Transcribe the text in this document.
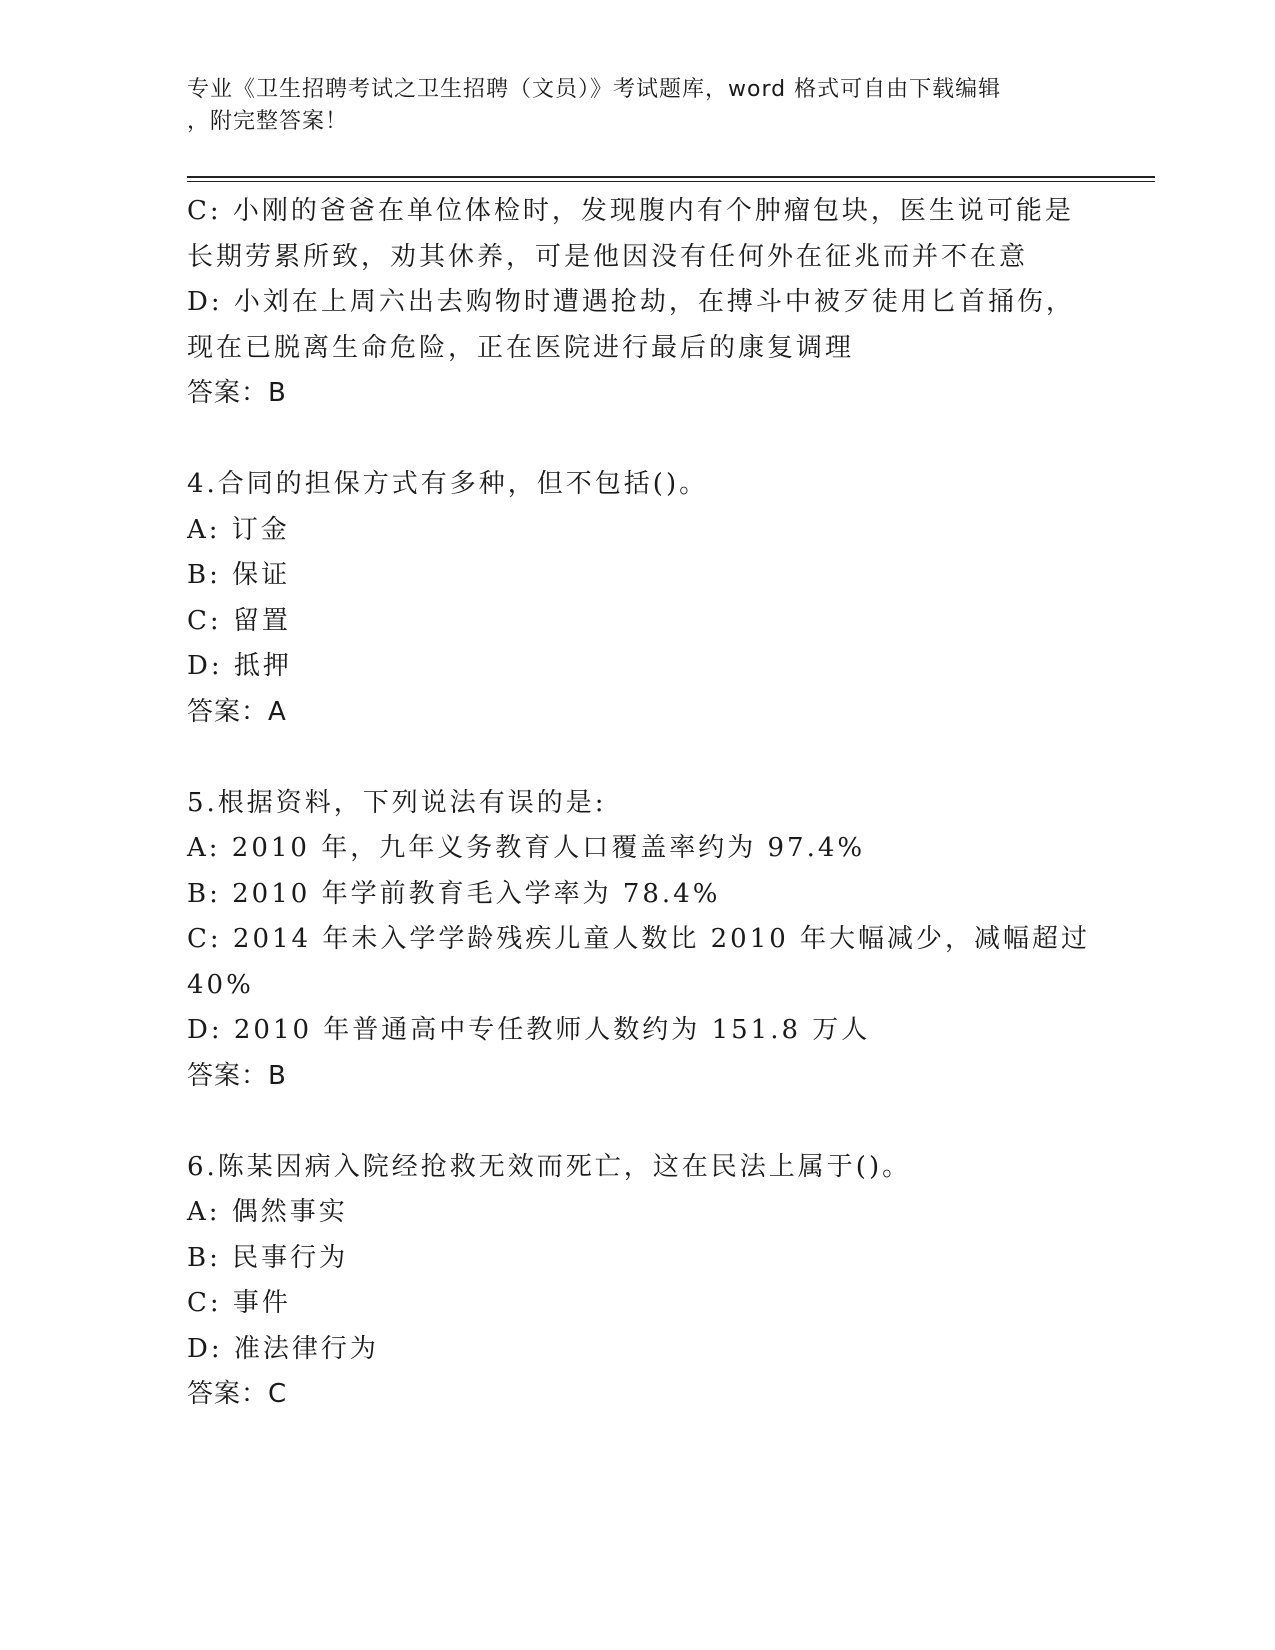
专业《卫生招聘考试之卫生招聘（文员）》考试题库，word 格式可自由下载编辑
，附完整答案！
C: 小刚的爸爸在单位体检时，发现腹内有个肿瘤包块，医生说可能是
长期劳累所致，劝其休养，可是他因没有任何外在征兆而并不在意
D: 小刘在上周六出去购物时遭遇抢劫，在搏斗中被歹徒用匕首捅伤，
现在已脱离生命危险，正在医院进行最后的康复调理
答案：B
4.合同的担保方式有多种，但不包括()。
A: 订金
B: 保证
C: 留置
D: 抵押
答案：A
5.根据资料，下列说法有误的是:
A: 2010 年，九年义务教育人口覆盖率约为 97.4%
B: 2010 年学前教育毛入学率为 78.4%
C: 2014 年未入学学龄残疾儿童人数比 2010 年大幅减少，减幅超过
40%
D: 2010 年普通高中专任教师人数约为 151.8 万人
答案：B
6.陈某因病入院经抢救无效而死亡，这在民法上属于()。
A: 偶然事实
B: 民事行为
C: 事件
D: 准法律行为
答案：C
